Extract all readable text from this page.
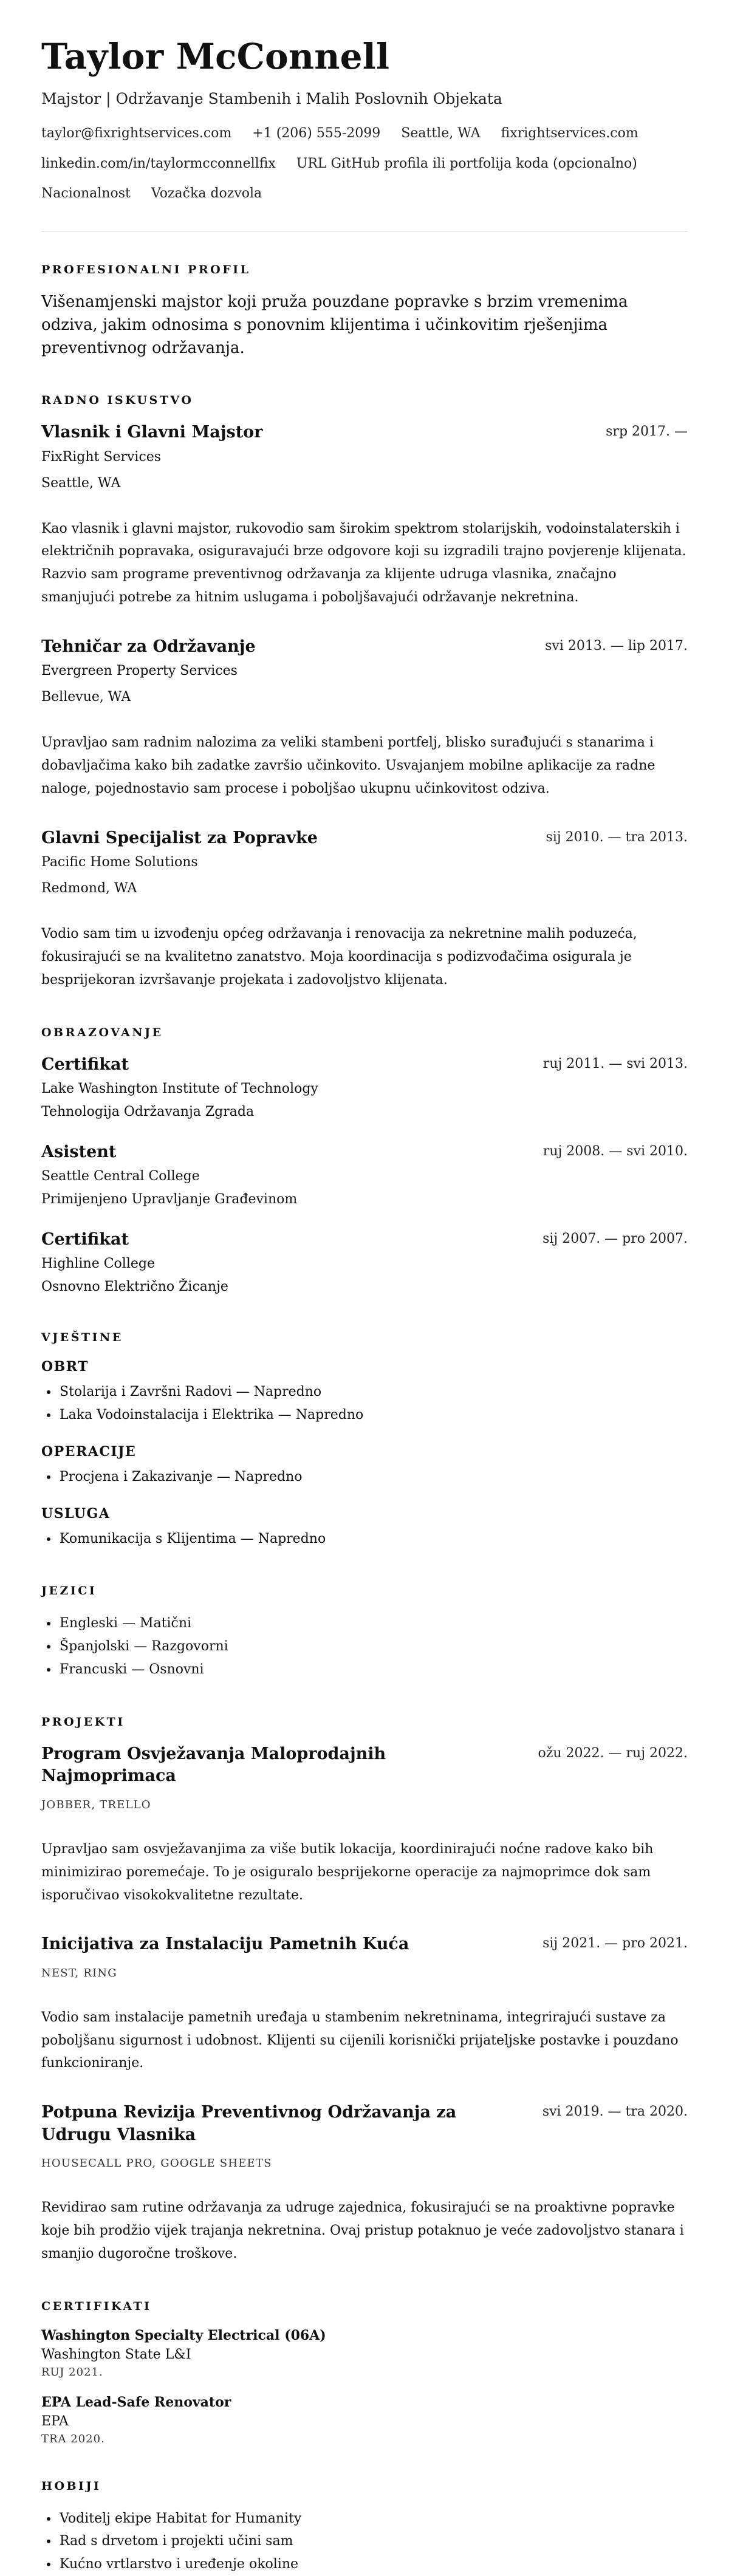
Taylor McConnell
Majstor | Održavanje Stambenih i Malih Poslovnih Objekata
taylor@fixrightservices.com +1 (206) 555-2099 Seattle, WA fixrightservices.com
linkedin.com/in/taylormcconnellfix URL GitHub profila ili portfolija koda (opcionalno)
Nacionalnost Vozačka dozvola
PROFESIONALNI PROFIL

Višenamjenski majstor koji pruža pouzdane popravke s brzim vremenima odziva, jakim odnosima s ponovnim klijentima i učinkovitim rješenjima preventivnog održavanja.

RADNO ISKUSTVO
Vlasnik i Glavni Majstor	srp 2017. —
FixRight Services
Seattle, WA

Kao vlasnik i glavni majstor, rukovodio sam širokim spektrom stolarijskih, vodoinstalaterskih i električnih popravaka, osiguravajući brze odgovore koji su izgradili trajno povjerenje klijenata. Razvio sam programe preventivnog održavanja za klijente udruga vlasnika, značajno smanjujući potrebe za hitnim uslugama i poboljšavajući održavanje nekretnina.

Tehničar za Održavanje	svi 2013. — lip 2017.
Evergreen Property Services
Bellevue, WA

Upravljao sam radnim nalozima za veliki stambeni portfelj, blisko surađujući s stanarima i dobavljačima kako bih zadatke završio učinkovito. Usvajanjem mobilne aplikacije za radne naloge, pojednostavio sam procese i poboljšao ukupnu učinkovitost odziva.

Glavni Specijalist za Popravke	sij 2010. — tra 2013.
Pacific Home Solutions
Redmond, WA

Vodio sam tim u izvođenju općeg održavanja i renovacija za nekretnine malih poduzeća, fokusirajući se na kvalitetno zanatstvo. Moja koordinacija s podizvođačima osigurala je besprijekoran izvršavanje projekata i zadovoljstvo klijenata.

OBRAZOVANJE
Certifikat	ruj 2011. — svi 2013.
Lake Washington Institute of Technology
Tehnologija Održavanja Zgrada
Asistent	ruj 2008. — svi 2010.
Seattle Central College
Primijenjeno Upravljanje Građevinom
Certifikat	sij 2007. — pro 2007.
Highline College
Osnovno Električno Žicanje
VJEŠTINE
OBRT
• Stolarija i Završni Radovi — Napredno
• Laka Vodoinstalacija i Elektrika — Napredno
OPERACIJE
• Procjena i Zakazivanje — Napredno
USLUGA
• Komunikacija s Klijentima — Napredno
JEZICI
• Engleski — Matični
• Španjolski — Razgovorni
• Francuski — Osnovni
PROJEKTI
Program Osvježavanja Maloprodajnih Najmoprimaca
ožu 2022. — ruj 2022.
JOBBER, TRELLO

Upravljao sam osvježavanjima za više butik lokacija, koordinirajući noćne radove kako bih minimizirao poremećaje. To je osiguralo besprijekorne operacije za najmoprimce dok sam isporučivao visokokvalitetne rezultate.

Inicijativa za Instalaciju Pametnih Kuća	sij 2021. — pro 2021.
NEST, RING

Vodio sam instalacije pametnih uređaja u stambenim nekretninama, integrirajući sustave za poboljšanu sigurnost i udobnost. Klijenti su cijenili korisnički prijateljske postavke i pouzdano funkcioniranje.

Potpuna Revizija Preventivnog Održavanja za Udrugu Vlasnika
svi 2019. — tra 2020.
HOUSECALL PRO, GOOGLE SHEETS

Revidirao sam rutine održavanja za udruge zajednica, fokusirajući se na proaktivne popravke koje bih prodžio vijek trajanja nekretnina. Ovaj pristup potaknuo je veće zadovoljstvo stanara i smanjio dugoročne troškove.

CERTIFIKATI
Washington Specialty Electrical (06A)
Washington State L&I
RUJ 2021.
EPA Lead-Safe Renovator
EPA
TRA 2020.
HOBIJI
• Voditelj ekipe Habitat for Humanity
• Rad s drvetom i projekti učini sam
• Kućno vrtlarstvo i uređenje okoline
